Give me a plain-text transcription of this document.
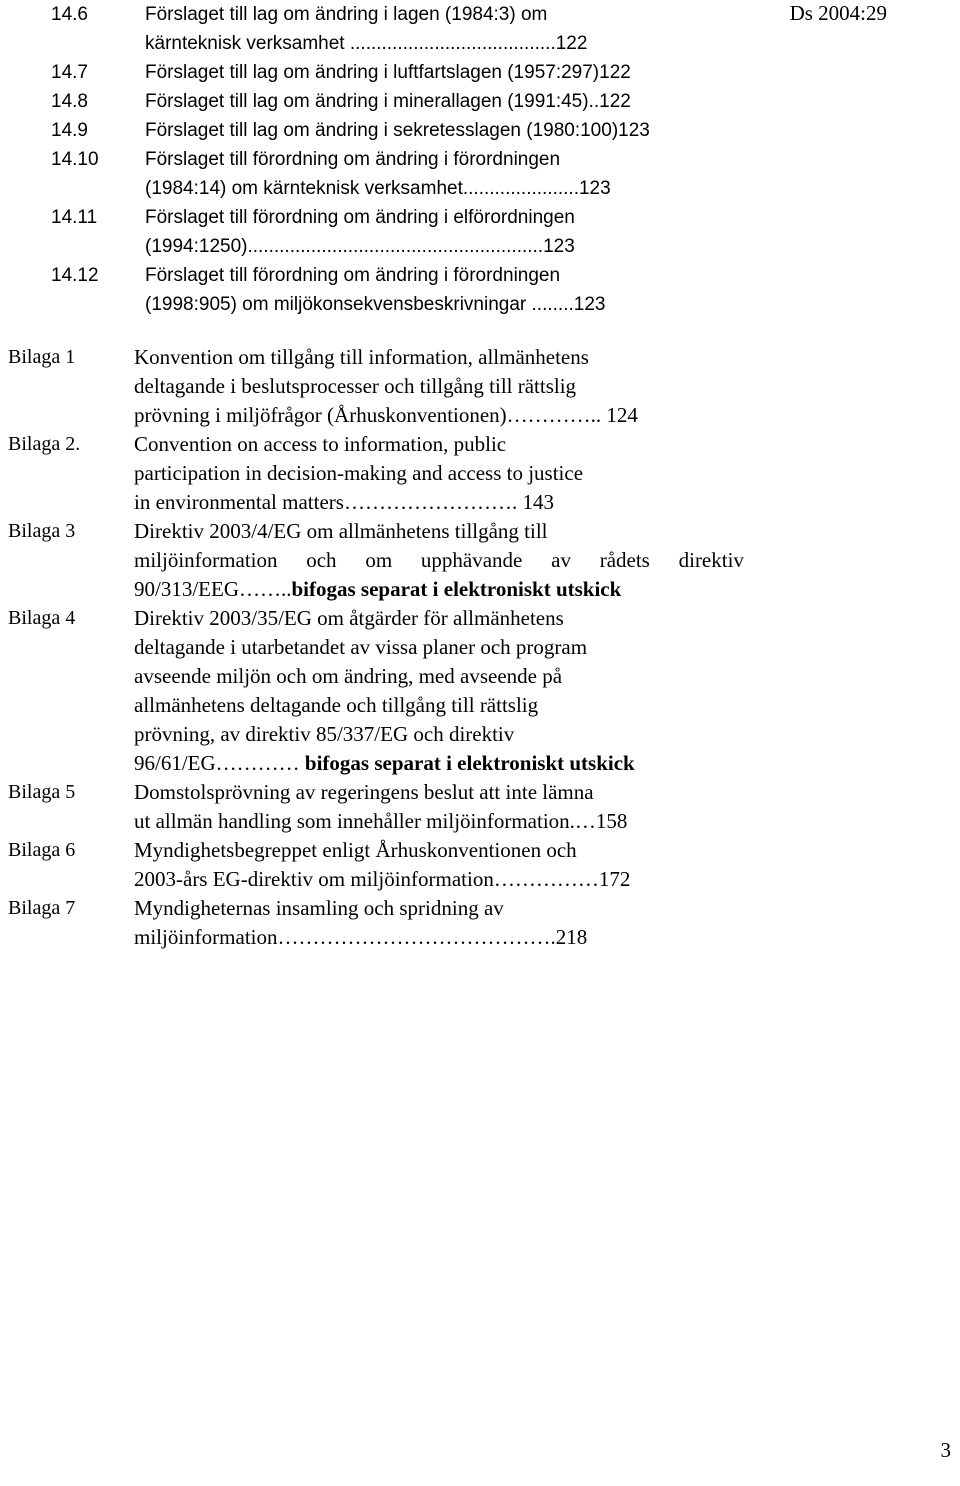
Ds 2004:29
14.6	Förslaget till lag om ändring i lagen (1984:3) om
kärnteknisk verksamhet .......................................122
14.7	Förslaget till lag om ändring i luftfartslagen (1957:297)122
14.8	Förslaget till lag om ändring i minerallagen (1991:45)..122
14.9	Förslaget till lag om ändring i sekretesslagen (1980:100)123
14.10 Förslaget till förordning om ändring i förordningen
(1984:14) om kärnteknisk verksamhet......................123
14.11	Förslaget till förordning om ändring i elförordningen
(1994:1250)........................................................123
14.12 Förslaget till förordning om ändring i förordningen
(1998:905) om miljökonsekvensbeskrivningar ........123
Bilaga 1	Konvention om tillgång till information, allmänhetens
deltagande i beslutsprocesser och tillgång till rättslig
prövning i miljöfrågor (Århuskonventionen)………….. 124
Bilaga 2.	Convention on access to information, public
participation in decision-making and access to justice
in environmental matters……………………. 143
Bilaga 3	Direktiv 2003/4/EG om allmänhetens tillgång till
miljöinformation och om upphävande av rådets direktiv
90/313/EEG……..bifogas separat i elektroniskt utskick
Bilaga 4	Direktiv 2003/35/EG om åtgärder för allmänhetens
deltagande i utarbetandet av vissa planer och program
avseende miljön och om ändring, med avseende på
allmänhetens deltagande och tillgång till rättslig
prövning, av direktiv 85/337/EG och direktiv
96/61/EG………… bifogas separat i elektroniskt utskick
Bilaga 5	Domstolsprövning av regeringens beslut att inte lämna
ut allmän handling som innehåller miljöinformation.…158
Bilaga 6	Myndighetsbegreppet enligt Århuskonventionen och
2003-års EG-direktiv om miljöinformation……………172
Bilaga 7	Myndigheternas insamling och spridning av
miljöinformation………………………………….218
3
